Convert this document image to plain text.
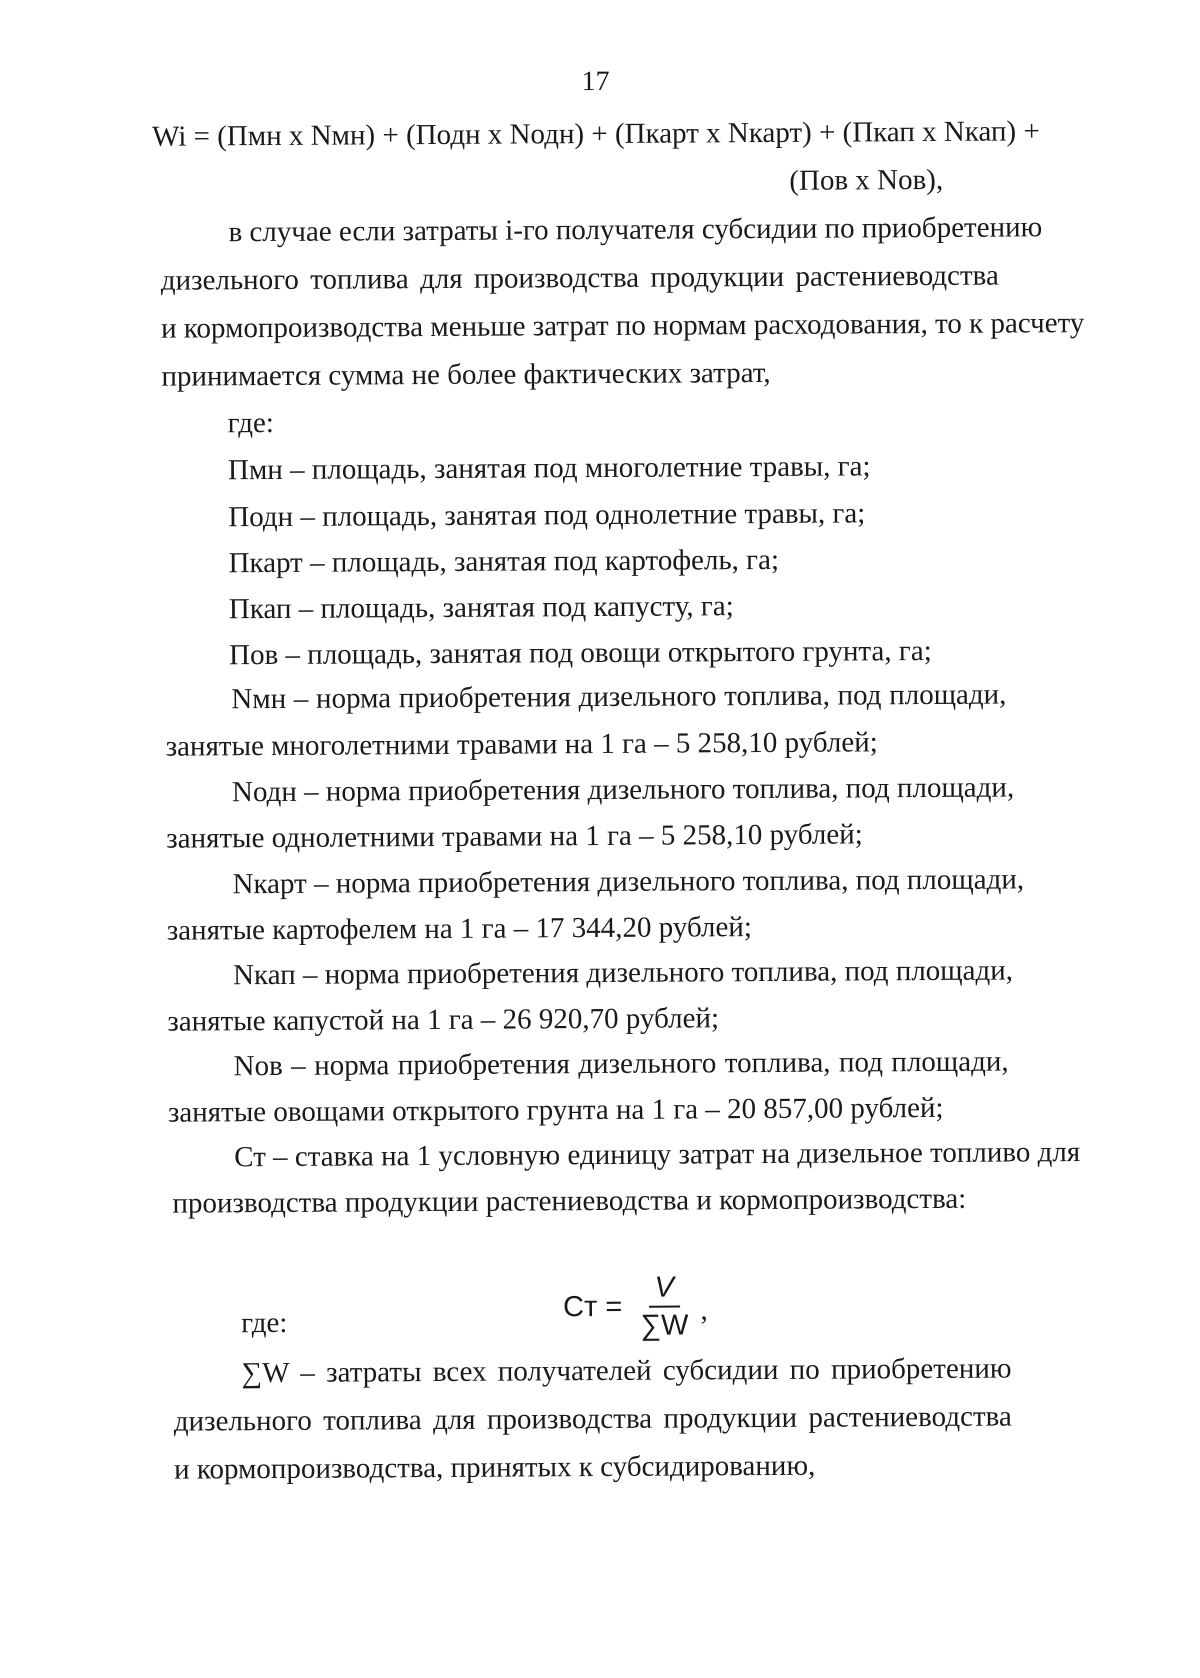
17
Wi = (Пмн x Nмн) + (Подн x Nодн) + (Пкарт x Nкарт) + (Пкап x Nкап) +
(Пов x Nов),
в случае если затраты i-го получателя субсидии по приобретению
дизельного топлива для производства продукции растениеводства
и кормопроизводства меньше затрат по нормам расходования, то к расчету
принимается сумма не более фактических затрат,
где:
Пмн – площадь, занятая под многолетние травы, га;
Подн – площадь, занятая под однолетние травы, га;
Пкарт – площадь, занятая под картофель, га;
Пкап – площадь, занятая под капусту, га;
Пов – площадь, занятая под овощи открытого грунта, га;
Nмн – норма приобретения дизельного топлива, под площади,
занятые многолетними травами на 1 га – 5 258,10 рублей;
Nодн – норма приобретения дизельного топлива, под площади,
занятые однолетними травами на 1 га – 5 258,10 рублей;
Nкарт – норма приобретения дизельного топлива, под площади,
занятые картофелем на 1 га – 17 344,20 рублей;
Nкап – норма приобретения дизельного топлива, под площади,
занятые капустой на 1 га – 26 920,70 рублей;
Nов – норма приобретения дизельного топлива, под площади,
занятые овощами открытого грунта на 1 га – 20 857,00 рублей;
Ст – ставка на 1 условную единицу затрат на дизельное топливо для
производства продукции растениеводства и кормопроизводства:
Ст = $\frac{V}{\sum W}$ ,
где:
∑W – затраты всех получателей субсидии по приобретению
дизельного топлива для производства продукции растениеводства
и кормопроизводства, принятых к субсидированию,
